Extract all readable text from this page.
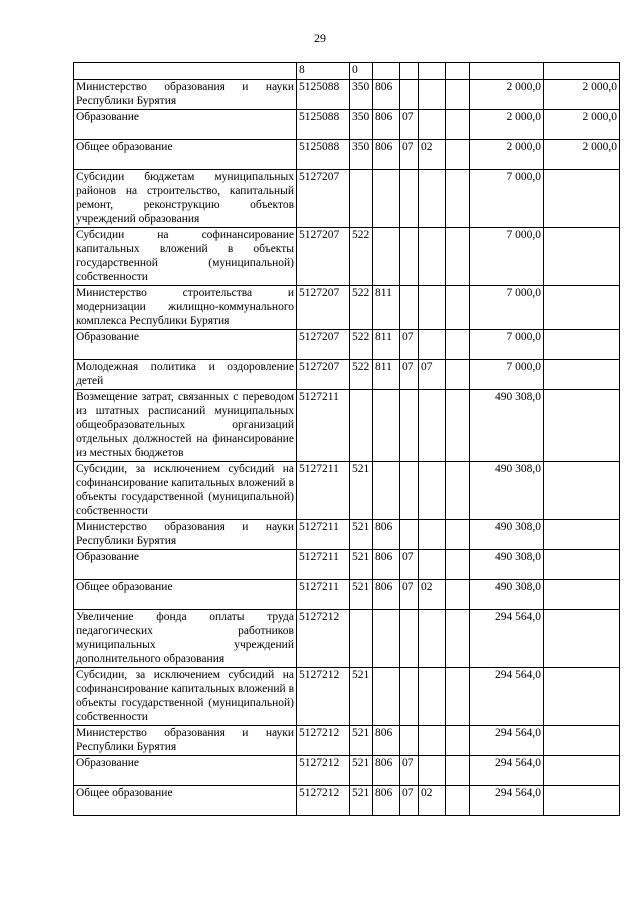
29
	8	0						
Министерство образования и науки Республики Бурятия	5125088	350	806				2 000,0	2 000,0
Образование	5125088	350	806	07			2 000,0	2 000,0
Общее образование	5125088	350	806	07	02		2 000,0	2 000,0
Субсидии бюджетам муниципальных районов на строительство, капитальный ремонт, реконструкцию объектов учреждений образования	5127207						7 000,0	
Субсидии на софинансирование капитальных вложений в объекты государственной (муниципальной) собственности	5127207	522					7 000,0	
Министерство строительства и модернизации жилищно-коммунального комплекса Республики Бурятия	5127207	522	811				7 000,0	
Образование	5127207	522	811	07			7 000,0	
Молодежная политика и оздоровление детей	5127207	522	811	07	07		7 000,0	
Возмещение затрат, связанных с переводом из штатных расписаний муниципальных общеобразовательных организаций отдельных должностей на финансирование из местных бюджетов	5127211						490 308,0	
Субсидии, за исключением субсидий на софинансирование капитальных вложений в объекты государственной (муниципальной) собственности	5127211	521					490 308,0	
Министерство образования и науки Республики Бурятия	5127211	521	806				490 308,0	
Образование	5127211	521	806	07			490 308,0	
Общее образование	5127211	521	806	07	02		490 308,0	
Увеличение фонда оплаты труда педагогических работников муниципальных учреждений дополнительного образования	5127212						294 564,0	
Субсидии, за исключением субсидий на софинансирование капитальных вложений в объекты государственной (муниципальной) собственности	5127212	521					294 564,0	
Министерство образования и науки Республики Бурятия	5127212	521	806				294 564,0	
Образование	5127212	521	806	07			294 564,0	
Общее образование	5127212	521	806	07	02		294 564,0	
